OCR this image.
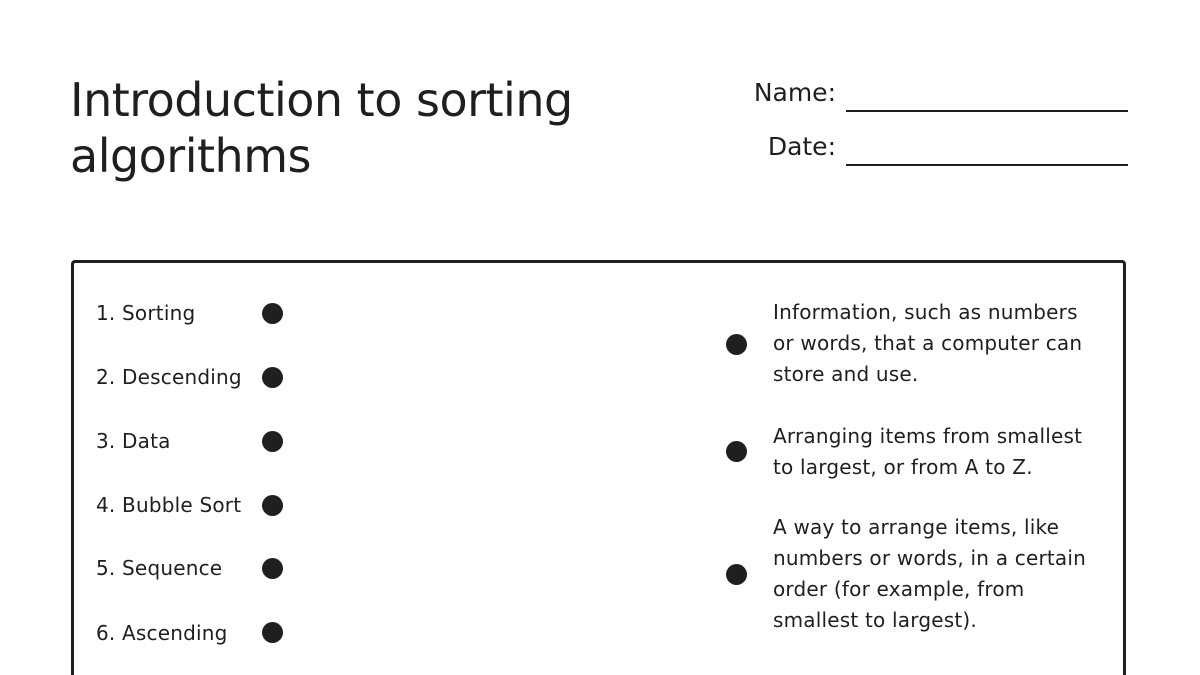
Introduction to sorting algorithms
Name:
Date:
1. Sorting
2. Descending
3. Data
4. Bubble Sort
5. Sequence
6. Ascending
Information, such as numbers or words, that a computer can store and use.
Arranging items from smallest to largest, or from A to Z.
A way to arrange items, like numbers or words, in a certain order (for example, from smallest to largest).
